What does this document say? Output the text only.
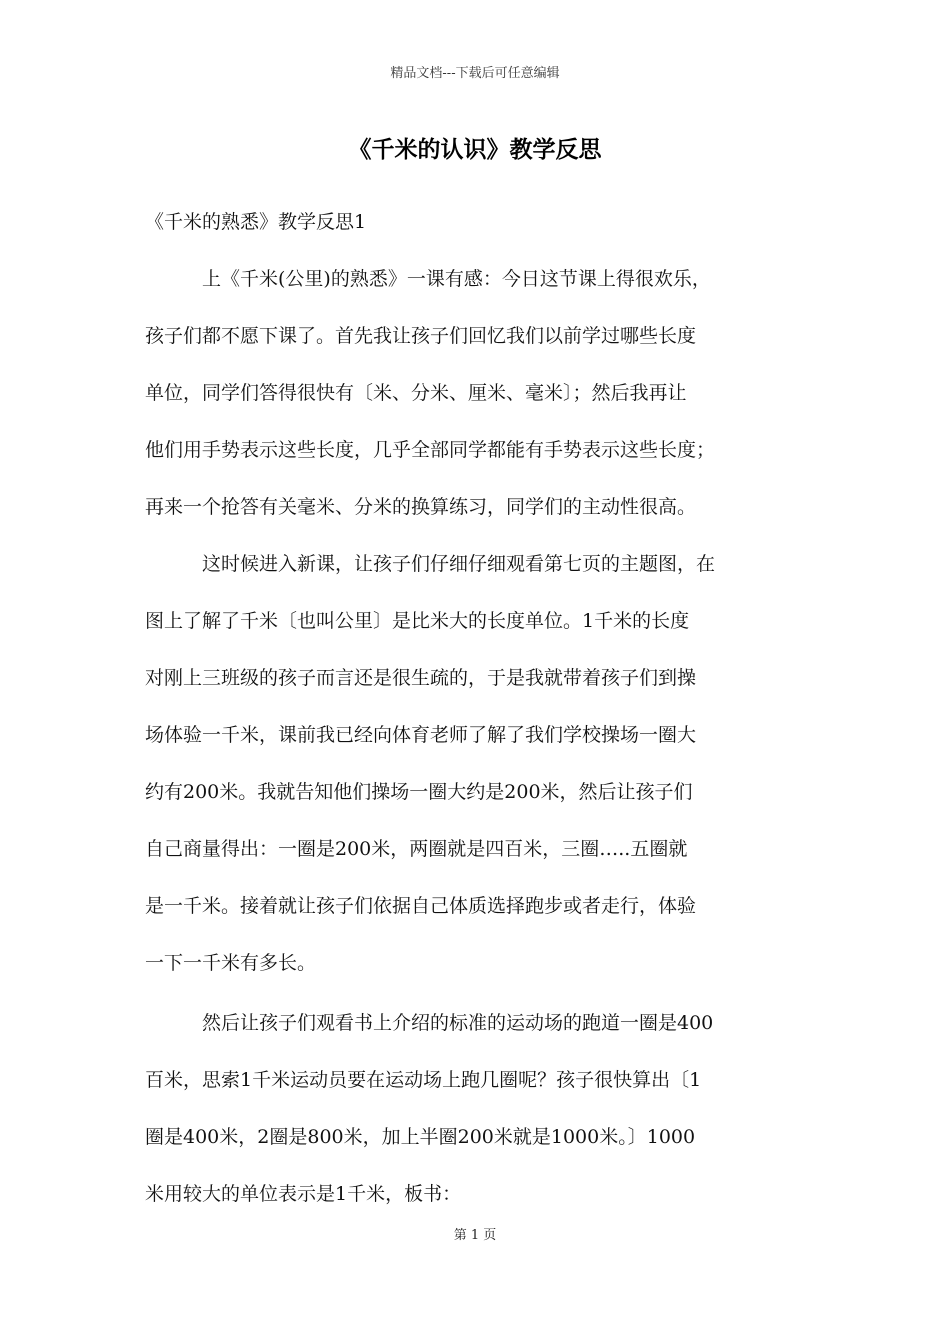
精品文档---下载后可任意编辑
《千米的认识》教学反思
《千米的熟悉》教学反思1
上《千米(公里)的熟悉》一课有感：今日这节课上得很欢乐，
孩子们都不愿下课了。首先我让孩子们回忆我们以前学过哪些长度
单位，同学们答得很快有〔米、分米、厘米、毫米〕；然后我再让
他们用手势表示这些长度，几乎全部同学都能有手势表示这些长度；
再来一个抢答有关毫米、分米的换算练习，同学们的主动性很高。
这时候进入新课，让孩子们仔细仔细观看第七页的主题图，在
图上了解了千米〔也叫公里〕是比米大的长度单位。1千米的长度
对刚上三班级的孩子而言还是很生疏的，于是我就带着孩子们到操
场体验一千米，课前我已经向体育老师了解了我们学校操场一圈大
约有200米。我就告知他们操场一圈大约是200米，然后让孩子们
自己商量得出：一圈是200米，两圈就是四百米，三圈…..五圈就
是一千米。接着就让孩子们依据自己体质选择跑步或者走行，体验
一下一千米有多长。
然后让孩子们观看书上介绍的标准的运动场的跑道一圈是400
百米，思索1千米运动员要在运动场上跑几圈呢？孩子很快算出〔1
圈是400米，2圈是800米，加上半圈200米就是1000米。〕1000
米用较大的单位表示是1千米，板书：
第 1 页
